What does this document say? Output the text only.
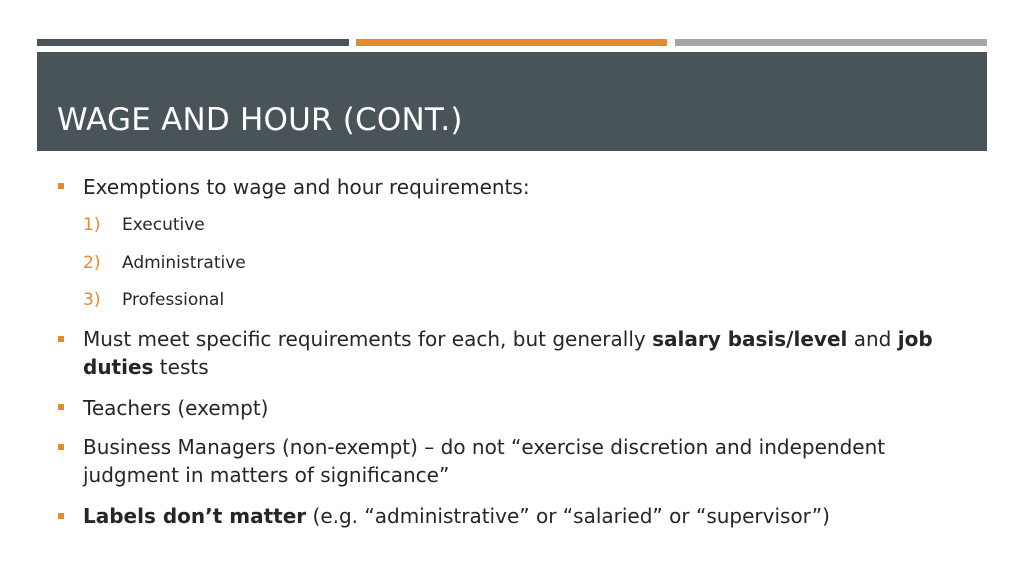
WAGE AND HOUR (CONT.)
Exemptions to wage and hour requirements:
1) Executive
2) Administrative
3) Professional
Must meet specific requirements for each, but generally salary basis/level and job
duties tests
Teachers (exempt)
Business Managers (non-exempt) – do not “exercise discretion and independent
judgment in matters of significance”
Labels don’t matter (e.g. “administrative” or “salaried” or “supervisor”)
